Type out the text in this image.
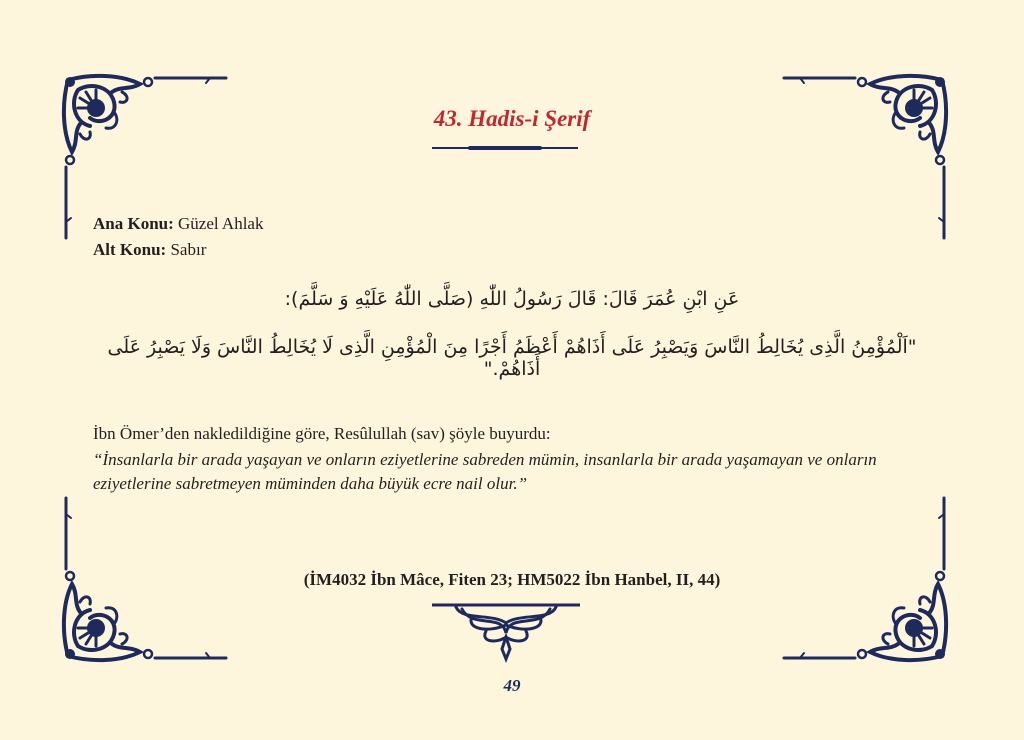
43. Hadis-i Şerif
Ana Konu: Güzel Ahlak
Alt Konu: Sabır
عَنِ ابْنِ عُمَرَ قَالَ: قَالَ رَسُولُ اللّٰهِ (صَلَّى اللّٰهُ عَلَيْهِ وَ سَلَّمَ):
"اَلْمُؤْمِنُ الَّذِى يُخَالِطُ النَّاسَ وَيَصْبِرُ عَلَى أَذَاهُمْ أَعْظَمُ أَجْرًا مِنَ الْمُؤْمِنِ الَّذِى لَا يُخَالِطُ النَّاسَ وَلَا يَصْبِرُ عَلَى أَذَاهُمْ."
İbn Ömer’den nakledildiğine göre, Resûlullah (sav) şöyle buyurdu:
“İnsanlarla bir arada yaşayan ve onların eziyetlerine sabreden mümin, insanlarla bir arada yaşamayan ve onların eziyetlerine sabretmeyen müminden daha büyük ecre nail olur.”
(İM4032 İbn Mâce, Fiten 23; HM5022 İbn Hanbel, II, 44)
49
